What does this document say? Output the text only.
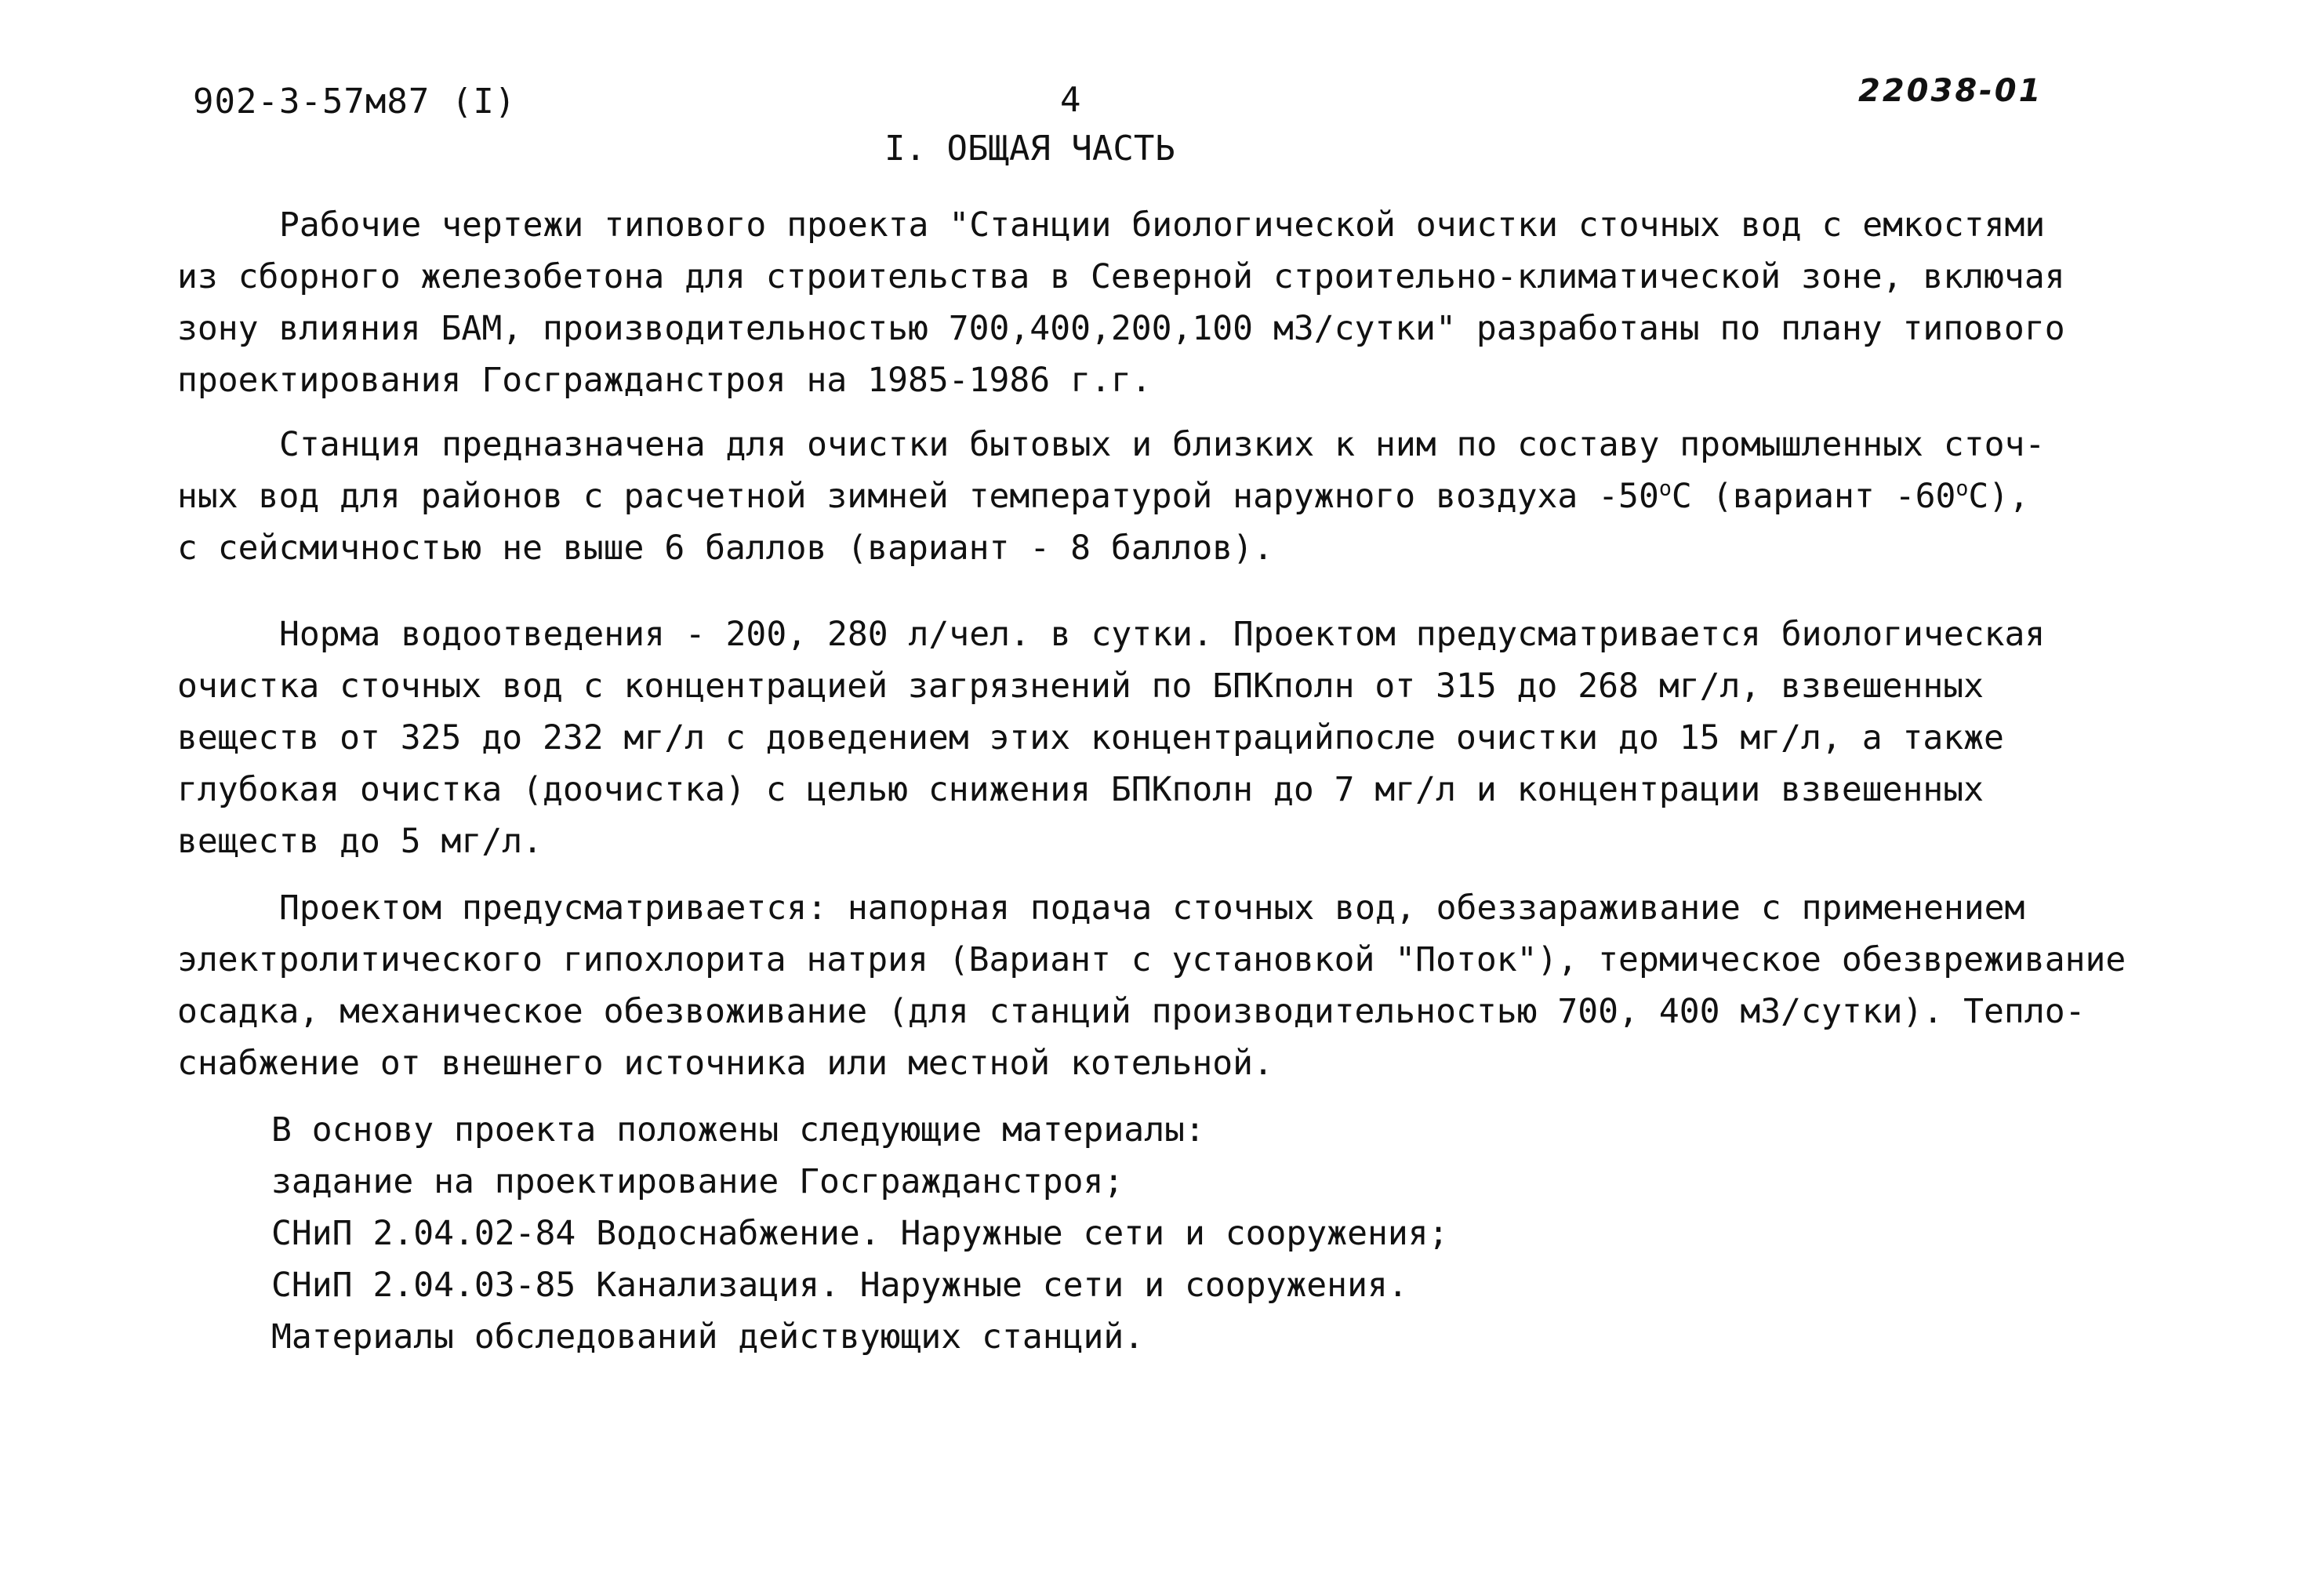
902-3-57м87 (I)	4	22038-01
I. ОБЩАЯ ЧАСТЬ

Рабочие чертежи типового проекта "Станции биологической очистки сточных вод с емкостями
из сборного железобетона для строительства в Северной строительно-климатической зоне, включая
зону влияния БАМ, производительностью 700,400,200,100 м3/сутки" разработаны по плану типового
проектирования Госгражданстроя на 1985-1986 г.г.

Станция предназначена для очистки бытовых и близких к ним по составу промышленных сточ-
ных вод для районов с расчетной зимней температурой наружного воздуха -50$^o$C (вариант -60$^o$C),
с сейсмичностью не выше 6 баллов (вариант - 8 баллов).

Норма водоотведения - 200, 280 л/чел. в сутки. Проектом предусматривается биологическая
очистка сточных вод с концентрацией загрязнений по БПКполн от 315 до 268 мг/л, взвешенных
веществ от 325 до 232 мг/л с доведением этих концентрацийпосле очистки до 15 мг/л, а также
глубокая очистка (доочистка) с целью снижения БПКполн до 7 мг/л и концентрации взвешенных
веществ до 5 мг/л.

Проектом предусматривается: напорная подача сточных вод, обеззараживание с применением
электролитического гипохлорита натрия (Вариант с установкой "Поток"), термическое обезвреживание
осадка, механическое обезвоживание (для станций производительностью 700, 400 м3/сутки). Тепло-
снабжение от внешнего источника или местной котельной.

В основу проекта положены следующие материалы:
задание на проектирование Госгражданстроя;
СНиП 2.04.02-84 Водоснабжение. Наружные сети и сооружения;
СНиП 2.04.03-85 Канализация. Наружные сети и сооружения.
Материалы обследований действующих станций.
